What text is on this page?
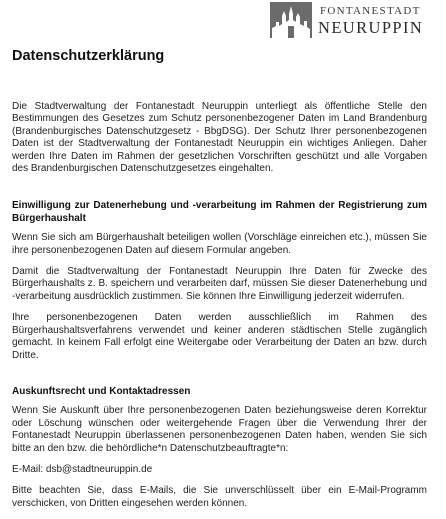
FONTANESTADT
NEURUPPIN
Datenschutzerklärung

Die Stadtverwaltung der Fontanestadt Neuruppin unterliegt als öffentliche Stelle den Bestimmungen des Gesetzes zum Schutz personenbezogener Daten im Land Brandenburg (Brandenburgisches Datenschutzgesetz - BbgDSG). Der Schutz Ihrer personenbezogenen Daten ist der Stadtverwaltung der Fontanestadt Neuruppin ein wichtiges Anliegen. Daher werden Ihre Daten im Rahmen der gesetzlichen Vorschriften geschützt und alle Vorgaben des Brandenburgischen Datenschutzgesetzes eingehalten.

Einwilligung zur Datenerhebung und -verarbeitung im Rahmen der Registrierung zum Bürgerhaushalt

Wenn Sie sich am Bürgerhaushalt beteiligen wollen (Vorschläge einreichen etc.), müssen Sie ihre personenbezogenen Daten auf diesem Formular angeben.

Damit die Stadtverwaltung der Fontanestadt Neuruppin Ihre Daten für Zwecke des Bürgerhaushalts z. B. speichern und verarbeiten darf, müssen Sie dieser Datenerhebung und -verarbeitung ausdrücklich zustimmen. Sie können Ihre Einwilligung jederzeit widerrufen.

Ihre personenbezogenen Daten werden ausschließlich im Rahmen des Bürgerhaushaltsverfahrens verwendet und keiner anderen städtischen Stelle zugänglich gemacht. In keinem Fall erfolgt eine Weitergabe oder Verarbeitung der Daten an bzw. durch Dritte.

Auskunftsrecht und Kontaktadressen

Wenn Sie Auskunft über Ihre personenbezogenen Daten beziehungsweise deren Korrektur oder Löschung wünschen oder weitergehende Fragen über die Verwendung Ihrer der Fontanestadt Neuruppin überlassenen personenbezogenen Daten haben, wenden Sie sich bitte an den bzw. die behördliche*n Datenschutzbeauftragte*n:

E-Mail: dsb@stadtneuruppin.de

Bitte beachten Sie, dass E-Mails, die Sie unverschlüsselt über ein E-Mail-Programm verschicken, von Dritten eingesehen werden können.
